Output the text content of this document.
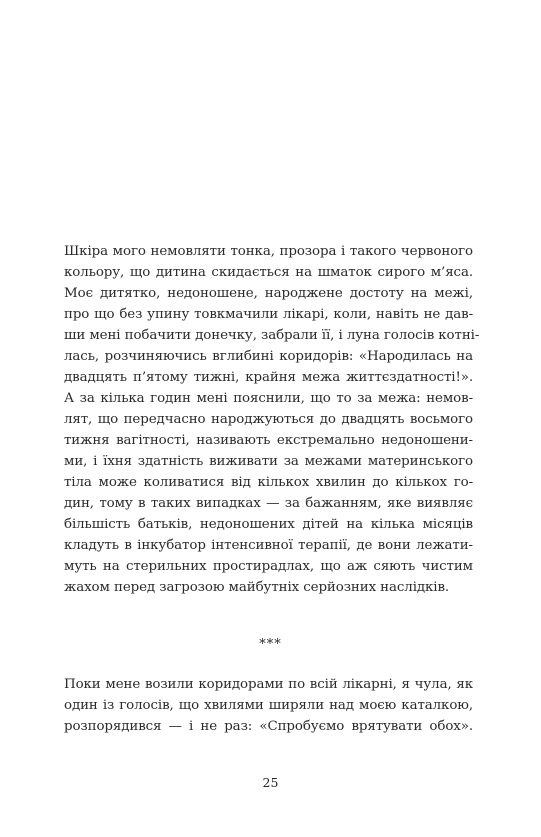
Шкіра мого немовляти тонка, прозора і такого червоного
кольору, що дитина скидається на шматок сирого м’яса.
Моє дитятко, недоношене, народжене достоту на межі,
про що без упину товкмачили лікарі, коли, навіть не дав-
ши мені побачити донечку, забрали її, і луна голосів котні-
лась, розчиняючись вглибині коридорів: «Народилась на
двадцять п’ятому тижні, крайня межа життєздатності!».
А за кілька годин мені пояснили, що то за межа: немов-
лят, що передчасно народжуються до двадцять восьмого
тижня вагітності, називають екстремально недоношени-
ми, і їхня здатність виживати за межами материнського
тіла може коливатися від кількох хвилин до кількох го-
дин, тому в таких випадках — за бажанням, яке виявляє
більшість батьків, недоношених дітей на кілька місяців
кладуть в інкубатор інтенсивної терапії, де вони лежати-
муть на стерильних простирадлах, що аж сяють чистим
жахом перед загрозою майбутніх серйозних наслідків.
***
Поки мене возили коридорами по всій лікарні, я чула, як
один із голосів, що хвилями ширяли над моєю каталкою,
розпорядився — і не раз: «Спробуємо врятувати обох».
25
